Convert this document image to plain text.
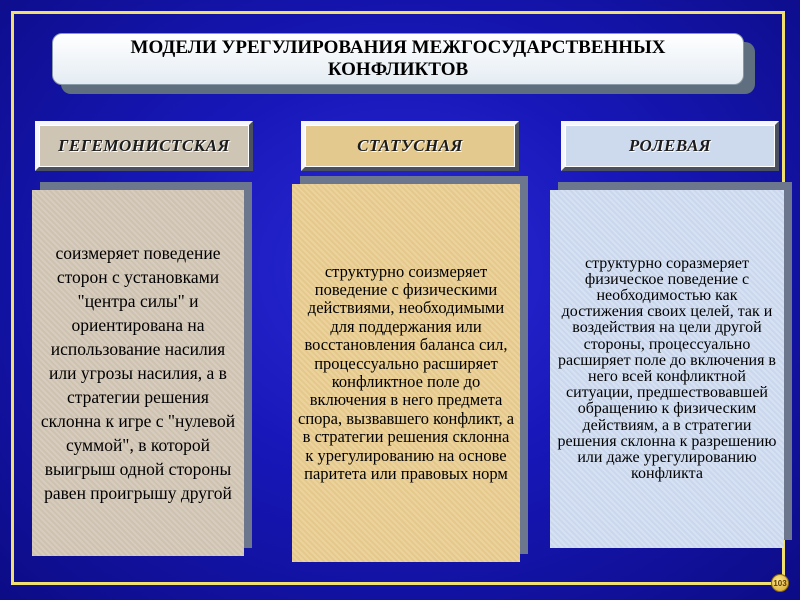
МОДЕЛИ УРЕГУЛИРОВАНИЯ МЕЖГОСУДАРСТВЕННЫХ КОНФЛИКТОВ
ГЕГЕМОНИСТСКАЯ	СТАТУСНАЯ	РОЛЕВАЯ
соизмеряет поведение сторон с установками "центра силы" и ориентирована на использование насилия или угрозы насилия, а в стратегии решения склонна к игре с "нулевой суммой", в которой выигрыш одной стороны равен проигрышу другой
структурно соизмеряет поведение с физическими действиями, необходимыми для поддержания или восстановления баланса сил, процессуально расширяет конфликтное поле до включения в него предмета спора, вызвавшего конфликт, а в стратегии решения склонна к урегулированию на основе паритета или правовых норм
структурно соразмеряет физическое поведение с необходимостью как достижения своих целей, так и воздействия на цели другой стороны, процессуально расширяет поле до включения в него всей конфликтной ситуации, предшествовавшей обращению к физическим действиям, а в стратегии решения склонна к разрешению или даже урегулированию конфликта
103
